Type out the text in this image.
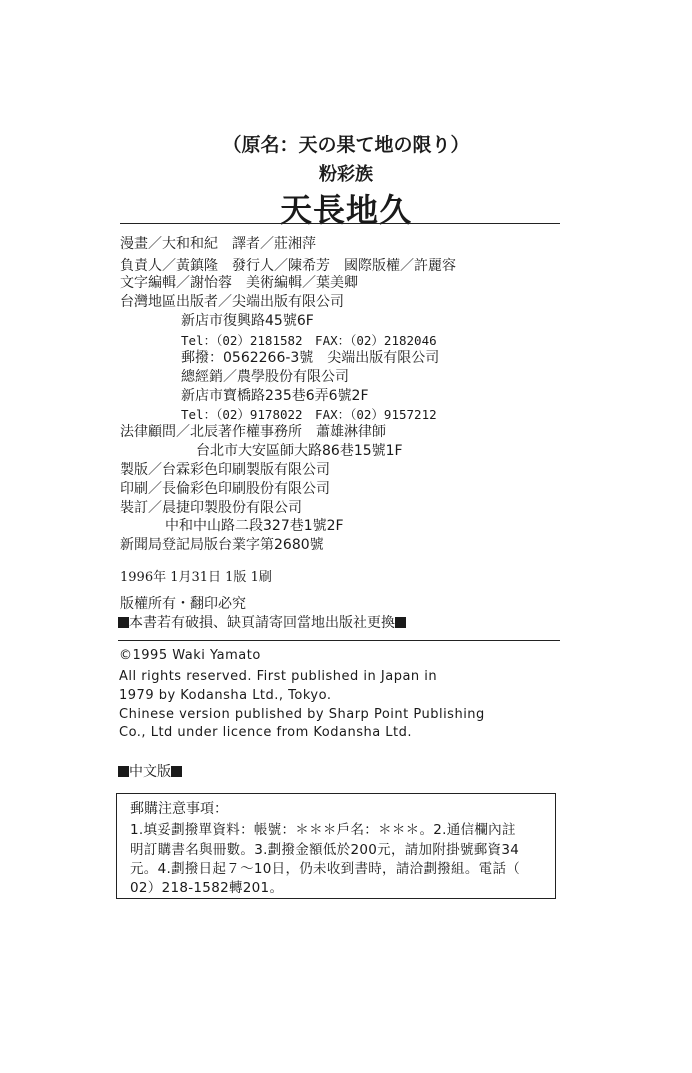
（原名：天の果て地の限り）
粉彩族
天長地久
漫畫／大和和紀　譯者／莊湘萍
負責人／黃鎮隆　發行人／陳希芳　國際版權／許麗容
文字編輯／謝怡蓉　美術編輯／葉美卿
台灣地區出版者／尖端出版有限公司
新店市復興路45號6F
Tel：（02）2181582　FAX：（02）2182046
郵撥：0562266-3號　尖端出版有限公司
總經銷／農學股份有限公司
新店市寶橋路235巷6弄6號2F
Tel：（02）9178022　FAX：（02）9157212
法律顧問／北辰著作權事務所　蕭雄淋律師
台北市大安區師大路86巷15號1F
製版／台霖彩色印刷製版有限公司
印刷／長倫彩色印刷股份有限公司
裝訂／晨捷印製股份有限公司
中和中山路二段327巷1號2F
新聞局登記局版台業字第2680號
1996年 1月31日 1版 1刷
版權所有・翻印必究
本書若有破損、缺頁請寄回當地出版社更換
©1995 Waki Yamato
All rights reserved. First published in Japan in
1979 by Kodansha Ltd., Tokyo.
Chinese version published by Sharp Point Publishing
Co., Ltd under licence from Kodansha Ltd.
中文版
郵購注意事項：
1.填妥劃撥單資料：帳號：＊＊＊戶名：＊＊＊。2.通信欄內註
明訂購書名與冊數。3.劃撥金額低於200元，請加附掛號郵資34
元。4.劃撥日起７～10日，仍未收到書時，請洽劃撥組。電話（
02）218-1582轉201。
